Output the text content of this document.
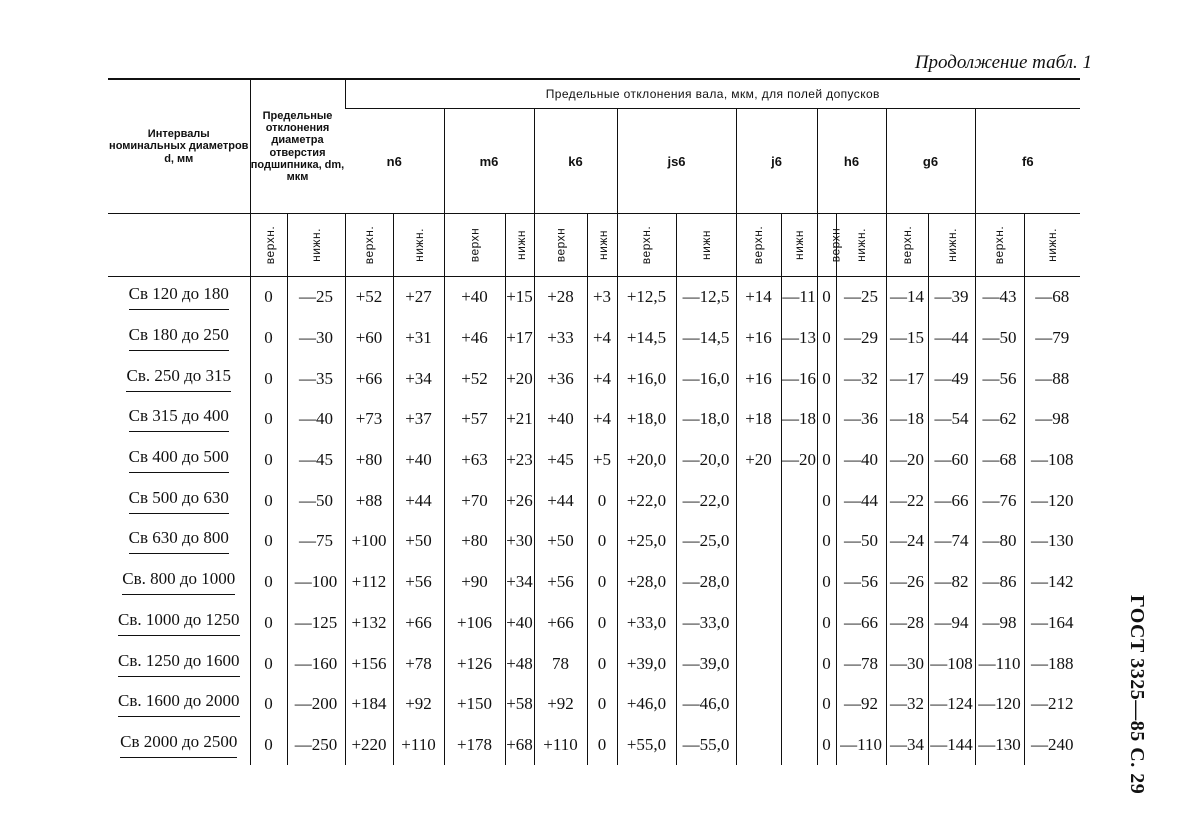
Продолжение табл. 1
ГОСТ 3325—85 С. 29
Интервалы номинальных диаметров d, мм	Предельные отклонения диаметра отверстия подшипника, dm, мкм		Предельные отклонения вала, мкм, для полей допусков															
			n6		m6		k6		js6		j6		h6		g6		f6	
	верхн.	нижн.	верхн.	нижн.	верхн	нижн	верхн	нижн	верхн.	нижн	верхн.	нижн	верхн	нижн.	верхн.	нижн.	верхн.	нижн.
Св 120 до 180	0	—25	+52	+27	+40	+15	+28	+3	+12,5	—12,5	+14	—11	0	—25	—14	—39	—43	—68
Св 180 до 250	0	—30	+60	+31	+46	+17	+33	+4	+14,5	—14,5	+16	—13	0	—29	—15	—44	—50	—79
Св. 250 до 315	0	—35	+66	+34	+52	+20	+36	+4	+16,0	—16,0	+16	—16	0	—32	—17	—49	—56	—88
Св 315 до 400	0	—40	+73	+37	+57	+21	+40	+4	+18,0	—18,0	+18	—18	0	—36	—18	—54	—62	—98
Св 400 до 500	0	—45	+80	+40	+63	+23	+45	+5	+20,0	—20,0	+20	—20	0	—40	—20	—60	—68	—108
Св 500 до 630	0	—50	+88	+44	+70	+26	+44	0	+22,0	—22,0			0	—44	—22	—66	—76	—120
Св 630 до 800	0	—75	+100	+50	+80	+30	+50	0	+25,0	—25,0			0	—50	—24	—74	—80	—130
Св. 800 до 1000	0	—100	+112	+56	+90	+34	+56	0	+28,0	—28,0			0	—56	—26	—82	—86	—142
Св. 1000 до 1250	0	—125	+132	+66	+106	+40	+66	0	+33,0	—33,0			0	—66	—28	—94	—98	—164
Св. 1250 до 1600	0	—160	+156	+78	+126	+48	78	0	+39,0	—39,0			0	—78	—30	—108	—110	—188
Св. 1600 до 2000	0	—200	+184	+92	+150	+58	+92	0	+46,0	—46,0			0	—92	—32	—124	—120	—212
Св 2000 до 2500	0	—250	+220	+110	+178	+68	+110	0	+55,0	—55,0			0	—110	—34	—144	—130	—240
